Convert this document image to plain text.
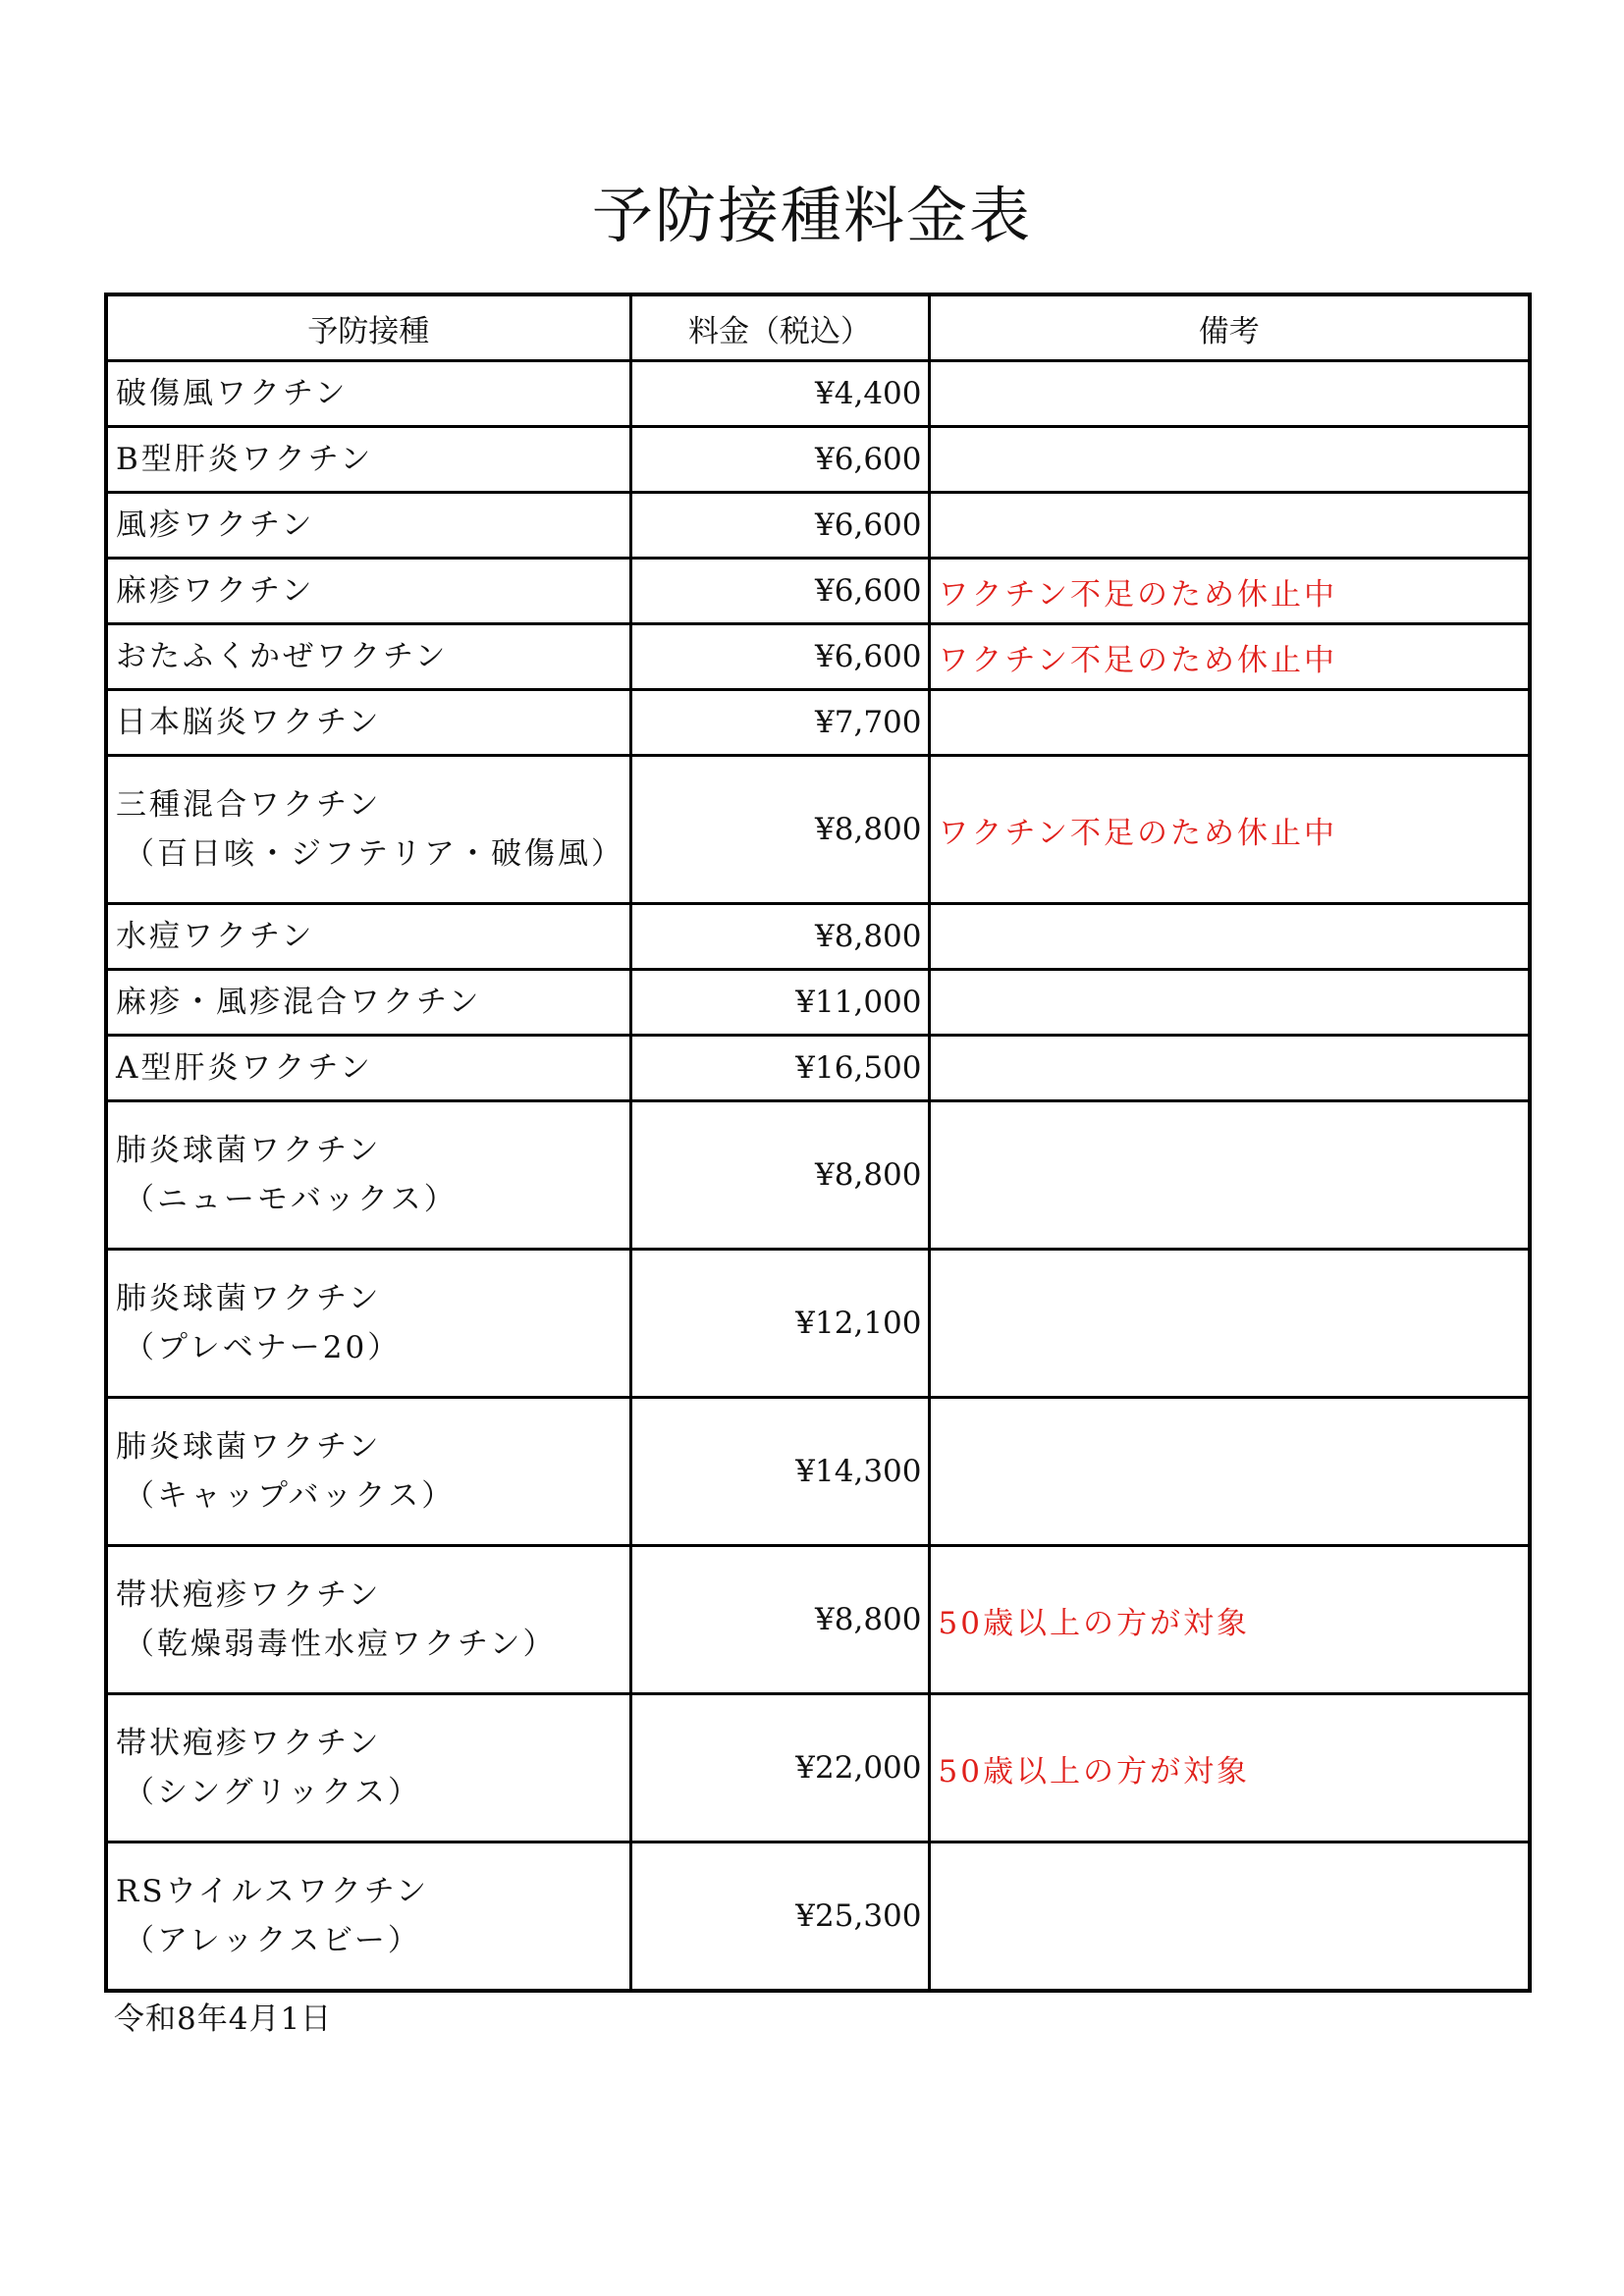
予防接種料金表
予防接種	料金（税込）	備考

破傷風ワクチン	¥4,400	

B型肝炎ワクチン	¥6,600	

風疹ワクチン	¥6,600	

麻疹ワクチン	¥6,600	ワクチン不足のため休止中

おたふくかぜワクチン	¥6,600	ワクチン不足のため休止中

日本脳炎ワクチン	¥7,700	

三種混合ワクチン
（百日咳・ジフテリア・破傷風）	¥8,800	ワクチン不足のため休止中

水痘ワクチン	¥8,800	

麻疹・風疹混合ワクチン	¥11,000	

A型肝炎ワクチン	¥16,500	

肺炎球菌ワクチン
（ニューモバックス）	¥8,800	

肺炎球菌ワクチン
（プレベナー20）	¥12,100	

肺炎球菌ワクチン
（キャップバックス）	¥14,300	

帯状疱疹ワクチン
（乾燥弱毒性水痘ワクチン）	¥8,800	50歳以上の方が対象

帯状疱疹ワクチン
（シングリックス）	¥22,000	50歳以上の方が対象

RSウイルスワクチン
（アレックスビー）	¥25,300	
令和8年4月1日
